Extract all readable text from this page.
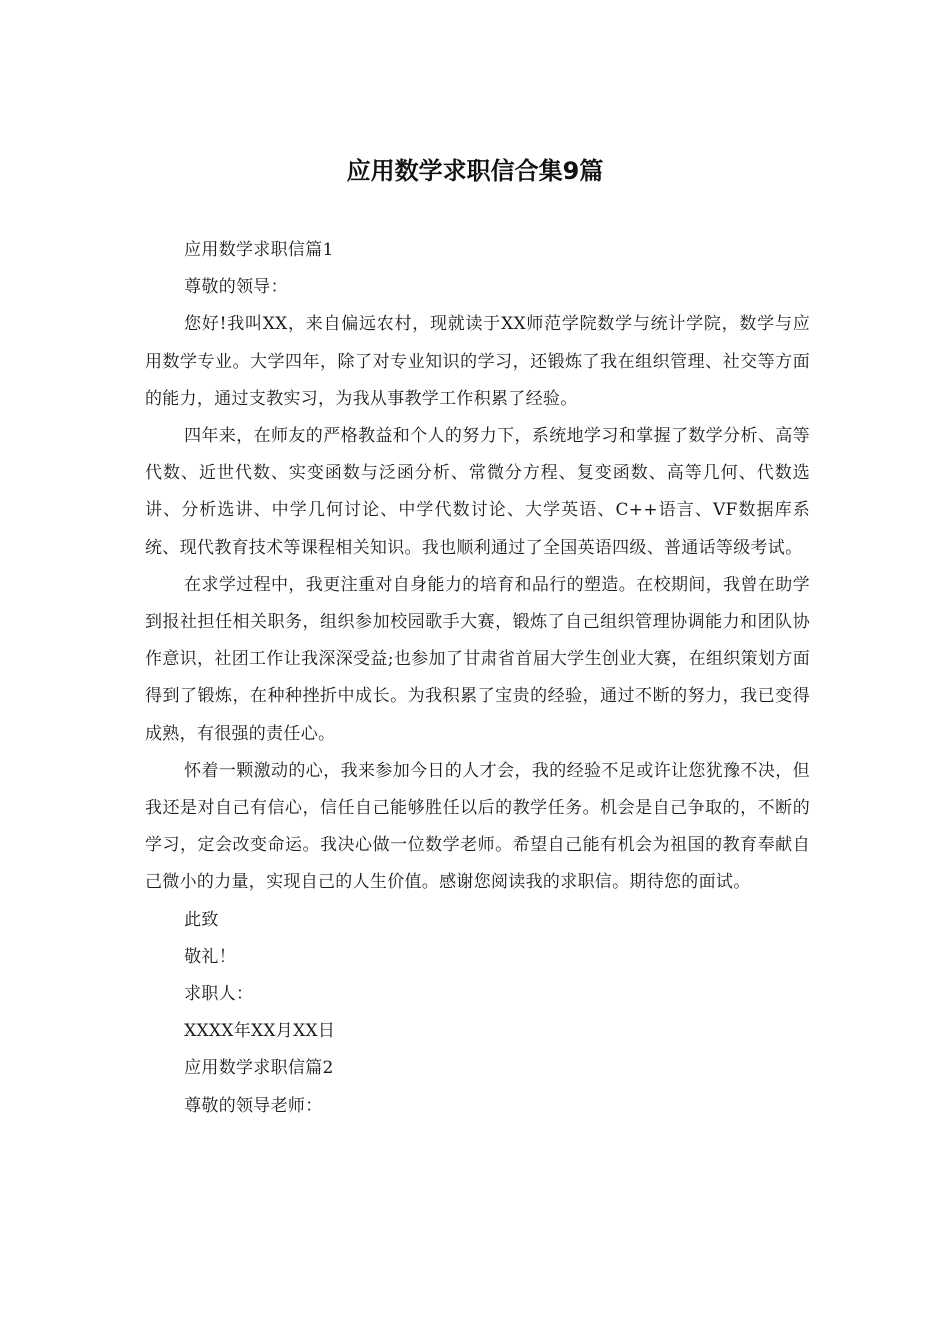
应用数学求职信合集9篇

应用数学求职信篇1

尊敬的领导：

您好!我叫XX，来自偏远农村，现就读于XX师范学院数学与统计学院，数学与应用数学专业。大学四年，除了对专业知识的学习，还锻炼了我在组织管理、社交等方面的能力，通过支教实习，为我从事教学工作积累了经验。

四年来，在师友的严格教益和个人的努力下，系统地学习和掌握了数学分析、高等代数、近世代数、实变函数与泛函分析、常微分方程、复变函数、高等几何、代数选讲、分析选讲、中学几何讨论、中学代数讨论、大学英语、C++语言、VF数据库系统、现代教育技术等课程相关知识。我也顺利通过了全国英语四级、普通话等级考试。

在求学过程中，我更注重对自身能力的培育和品行的塑造。在校期间，我曾在助学到报社担任相关职务，组织参加校园歌手大赛，锻炼了自己组织管理协调能力和团队协作意识，社团工作让我深深受益;也参加了甘肃省首届大学生创业大赛，在组织策划方面得到了锻炼，在种种挫折中成长。为我积累了宝贵的经验，通过不断的努力，我已变得成熟，有很强的责任心。

怀着一颗激动的心，我来参加今日的人才会，我的经验不足或许让您犹豫不决，但我还是对自己有信心，信任自己能够胜任以后的教学任务。机会是自己争取的，不断的学习，定会改变命运。我决心做一位数学老师。希望自己能有机会为祖国的教育奉献自己微小的力量，实现自己的人生价值。感谢您阅读我的求职信。期待您的面试。

此致

敬礼！

求职人：

XXXX年XX月XX日

应用数学求职信篇2

尊敬的领导老师：
